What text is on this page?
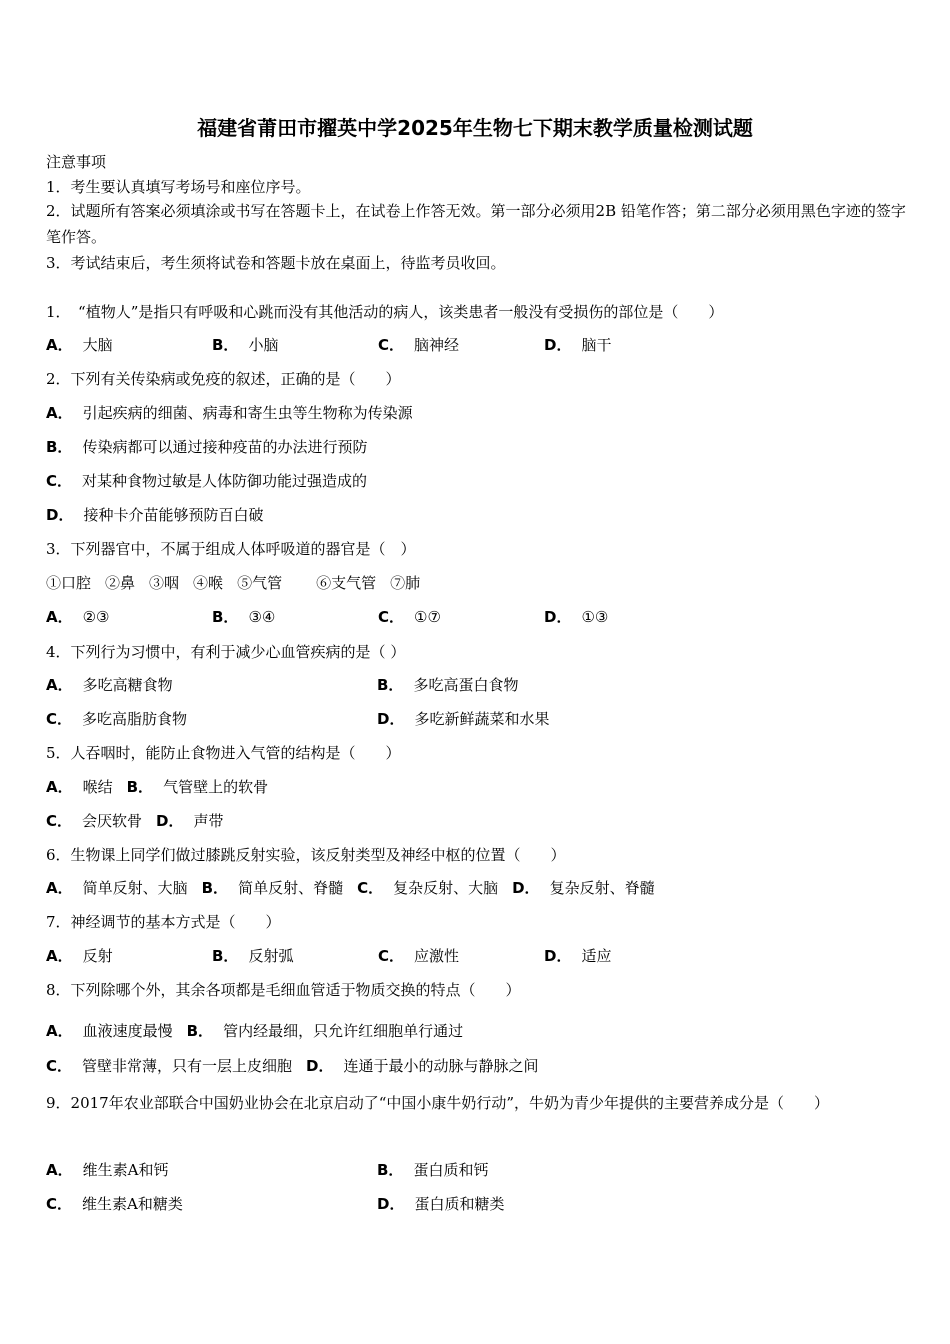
福建省莆田市擢英中学2025年生物七下期末教学质量检测试题
注意事项
1．考生要认真填写考场号和座位序号。
2．试题所有答案必须填涂或书写在答题卡上，在试卷上作答无效。第一部分必须用2B 铅笔作答；第二部分必须用黑色字迹的签字笔作答。
3．考试结束后，考生须将试卷和答题卡放在桌面上，待监考员收回。
1．　“植物人”是指只有呼吸和心跳而没有其他活动的病人，该类患者一般没有受损伤的部位是（　　）
A． 大脑	B． 小脑	C． 脑神经	D． 脑干
2．下列有关传染病或免疫的叙述，正确的是（　　）
A． 引起疾病的细菌、病毒和寄生虫等生物称为传染源
B． 传染病都可以通过接种疫苗的办法进行预防
C． 对某种食物过敏是人体防御功能过强造成的
D． 接种卡介苗能够预防百白破
3．下列器官中，不属于组成人体呼吸道的器官是（　）
①口腔 ②鼻 ③咽 ④喉 ⑤气管 ⑥支气管 ⑦肺
A． ②③	B． ③④	C． ①⑦	D． ①③
4．下列行为习惯中，有利于减少心血管疾病的是（ ）
A． 多吃高糖食物	B． 多吃高蛋白食物
C． 多吃高脂肪食物	D． 多吃新鲜蔬菜和水果
5．人吞咽时，能防止食物进入气管的结构是（　　）
A． 喉结 B． 气管壁上的软骨
C． 会厌软骨 D． 声带
6．生物课上同学们做过膝跳反射实验，该反射类型及神经中枢的位置（　　）
A． 简单反射、大脑 B． 简单反射、脊髓 C． 复杂反射、大脑 D． 复杂反射、脊髓
7．神经调节的基本方式是（　　）
A． 反射	B． 反射弧	C． 应激性	D． 适应
8．下列除哪个外，其余各项都是毛细血管适于物质交换的特点（　　）
A． 血液速度最慢 B． 管内经最细，只允许红细胞单行通过
C． 管壁非常薄，只有一层上皮细胞 D． 连通于最小的动脉与静脉之间
9．2017年农业部联合中国奶业协会在北京启动了“中国小康牛奶行动”，牛奶为青少年提供的主要营养成分是（　　）
A． 维生素A和钙	B． 蛋白质和钙
C． 维生素A和糖类	D． 蛋白质和糖类
